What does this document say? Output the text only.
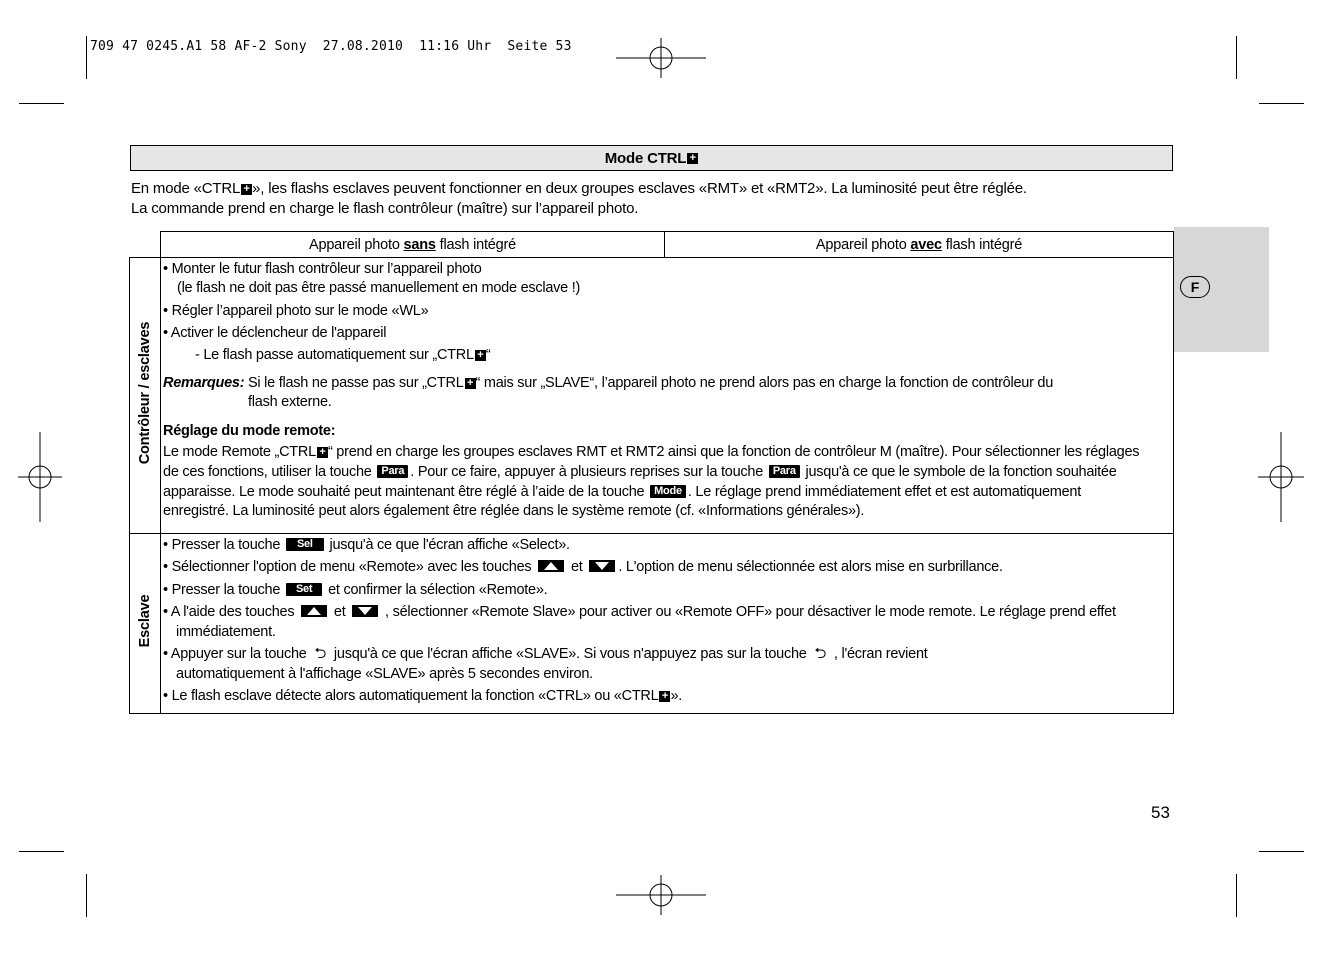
709 47 0245.A1 58 AF-2 Sony  27.08.2010  11:16 Uhr  Seite 53
Mode CTRL +
En mode «CTRL + », les flashs esclaves peuvent fonctionner en deux groupes esclaves «RMT» et «RMT2». La luminosité peut être réglée.
La commande prend en charge le flash contrôleur (maître) sur l’appareil photo.
F
Appareil photo sans flash intégré	Appareil photo avec flash intégré
Contrôleur / esclaves
• Monter le futur flash contrôleur sur l’appareil photo
(le flash ne doit pas être passé manuellement en mode esclave !)
• Régler l’appareil photo sur le mode «WL»
• Activer le déclencheur de l'appareil
- Le flash passe automatiquement sur „CTRL + “
Remarques: Si le flash ne passe pas sur „CTRL + “ mais sur „SLAVE“, l’appareil photo ne prend alors pas en charge la fonction de contrôleur du
flash externe.
Réglage du mode remote:
Le mode Remote „CTRL + “ prend en charge les groupes esclaves RMT et RMT2 ainsi que la fonction de contrôleur M (maître). Pour sélectionner les réglages
de ces fonctions, utiliser la touche Para . Pour ce faire, appuyer à plusieurs reprises sur la touche Para jusqu'à ce que le symbole de la fonction souhaitée
apparaisse. Le mode souhaité peut maintenant être réglé à l’aide de la touche Mode . Le réglage prend immédiatement effet et est automatiquement
enregistré. La luminosité peut alors également être réglée dans le système remote (cf. «Informations générales»).
Esclave
• Presser la touche Sel jusqu'à ce que l'écran affiche «Select».
• Sélectionner l'option de menu «Remote» avec les touches  et . L'option de menu sélectionnée est alors mise en surbrillance.
• Presser la touche Set et confirmer la sélection «Remote».
• A l'aide des touches  et  , sélectionner «Remote Slave» pour activer ou «Remote OFF» pour désactiver le mode remote. Le réglage prend effet
immédiatement.
• Appuyer sur la touche ⮌ jusqu'à ce que l'écran affiche «SLAVE». Si vous n'appuyez pas sur la touche ⮌ , l'écran revient
automatiquement à l'affichage «SLAVE» après 5 secondes environ.
• Le flash esclave détecte alors automatiquement la fonction «CTRL» ou «CTRL + ».
53
